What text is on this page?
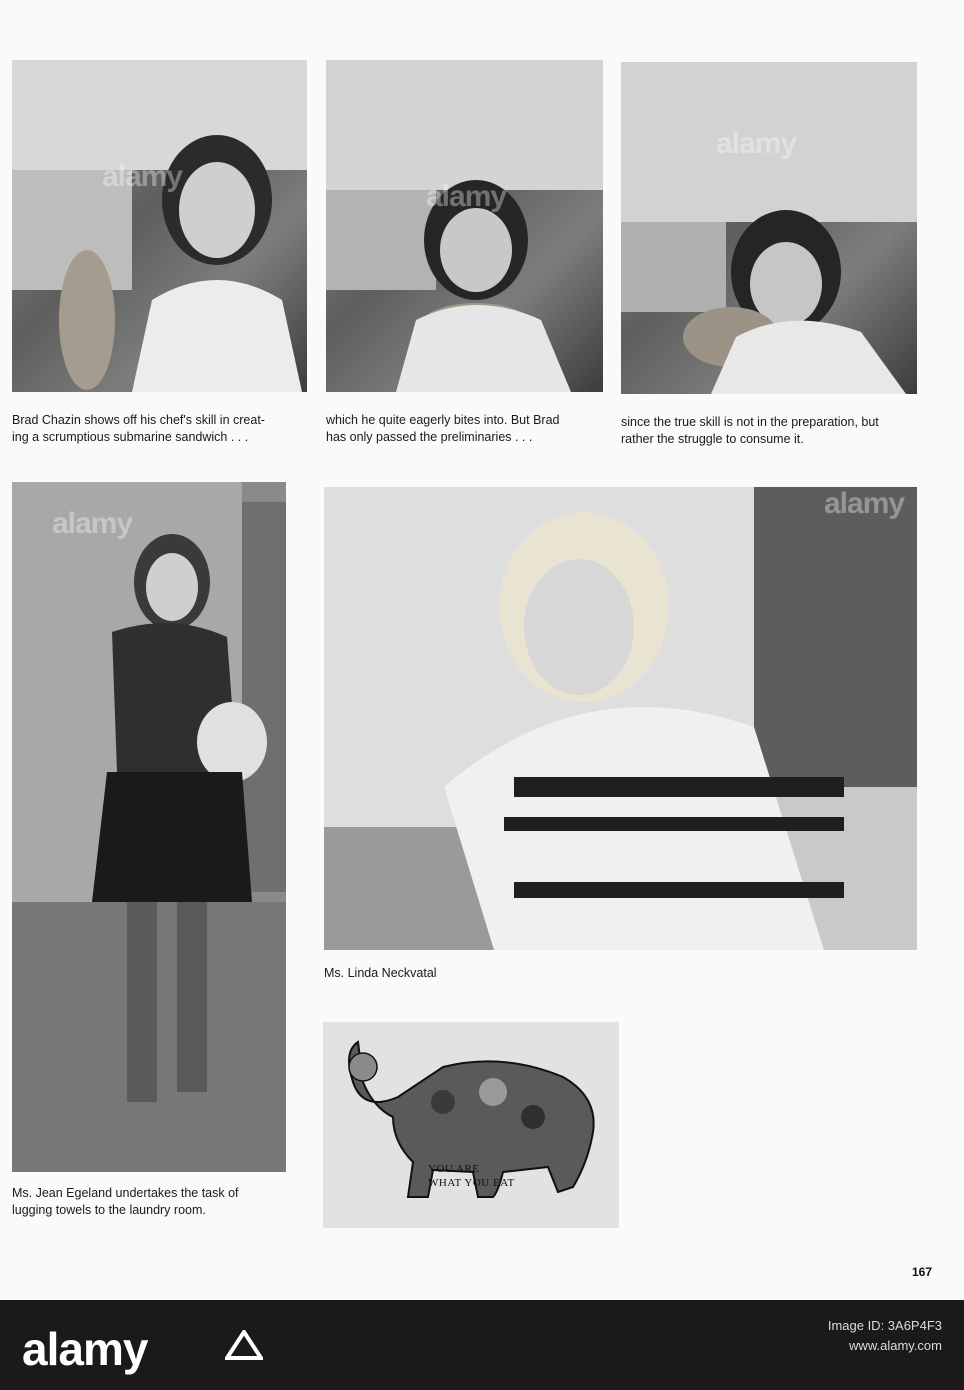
alamy
alamy
alamy
Brad Chazin shows off his chef's skill in creat-
ing a scrumptious submarine sandwich . . .
which he quite eagerly bites into. But Brad
has only passed the preliminaries . . .
since the true skill is not in the preparation, but
rather the struggle to consume it.
alamy
Ms. Jean Egeland undertakes the task of
lugging towels to the laundry room.
alamy
Ms. Linda Neckvatal
YOU ARE
WHAT YOU EAT
167
alamy	Image ID: 3A6P4F3
www.alamy.com
